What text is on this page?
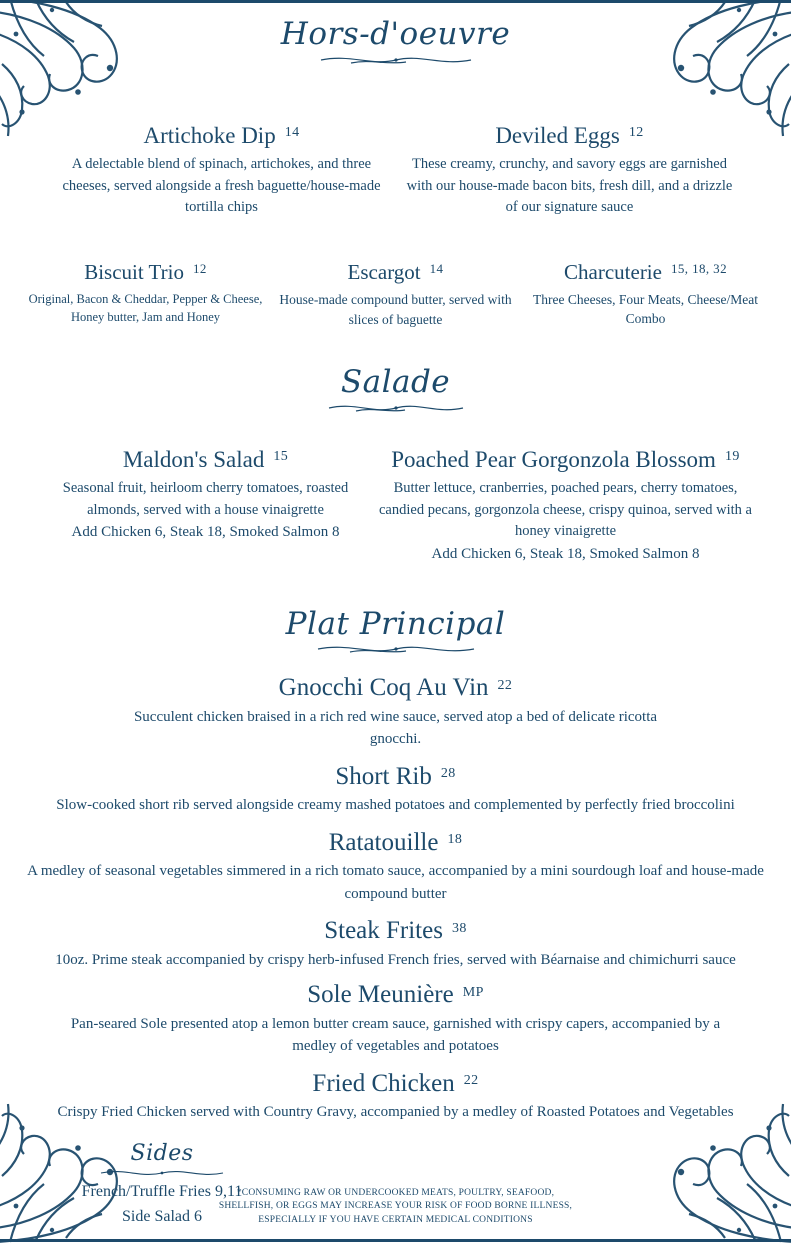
Hors-d'oeuvre
Artichoke Dip 14
A delectable blend of spinach, artichokes, and three cheeses, served alongside a fresh baguette/house-made tortilla chips
Deviled Eggs 12
These creamy, crunchy, and savory eggs are garnished with our house-made bacon bits, fresh dill, and a drizzle of our signature sauce
Biscuit Trio 12
Original, Bacon & Cheddar, Pepper & Cheese, Honey butter, Jam and Honey
Escargot 14
House-made compound butter, served with slices of baguette
Charcuterie 15, 18, 32
Three Cheeses, Four Meats, Cheese/Meat Combo
Salade
Maldon's Salad 15
Seasonal fruit, heirloom cherry tomatoes, roasted almonds, served with a house vinaigrette
Add Chicken 6, Steak 18, Smoked Salmon 8
Poached Pear Gorgonzola Blossom 19
Butter lettuce, cranberries, poached pears, cherry tomatoes, candied pecans, gorgonzola cheese, crispy quinoa, served with a honey vinaigrette
Add Chicken 6, Steak 18, Smoked Salmon 8
Plat Principal
Gnocchi Coq Au Vin 22
Succulent chicken braised in a rich red wine sauce, served atop a bed of delicate ricotta gnocchi.
Short Rib 28
Slow-cooked short rib served alongside creamy mashed potatoes and complemented by perfectly fried broccolini
Ratatouille 18
A medley of seasonal vegetables simmered in a rich tomato sauce, accompanied by a mini sourdough loaf and house-made compound butter
Steak Frites 38
10oz. Prime steak accompanied by crispy herb-infused French fries, served with Béarnaise and chimichurri sauce
Sole Meunière MP
Pan-seared Sole presented atop a lemon butter cream sauce, garnished with crispy capers, accompanied by a medley of vegetables and potatoes
Fried Chicken 22
Crispy Fried Chicken served with Country Gravy, accompanied by a medley of Roasted Potatoes and Vegetables
Sides
French/Truffle Fries 9,11
Side Salad 6
*CONSUMING RAW OR UNDERCOOKED MEATS, POULTRY, SEAFOOD,
SHELLFISH, OR EGGS MAY INCREASE YOUR RISK OF FOOD BORNE ILLNESS,
ESPECIALLY IF YOU HAVE CERTAIN MEDICAL CONDITIONS
